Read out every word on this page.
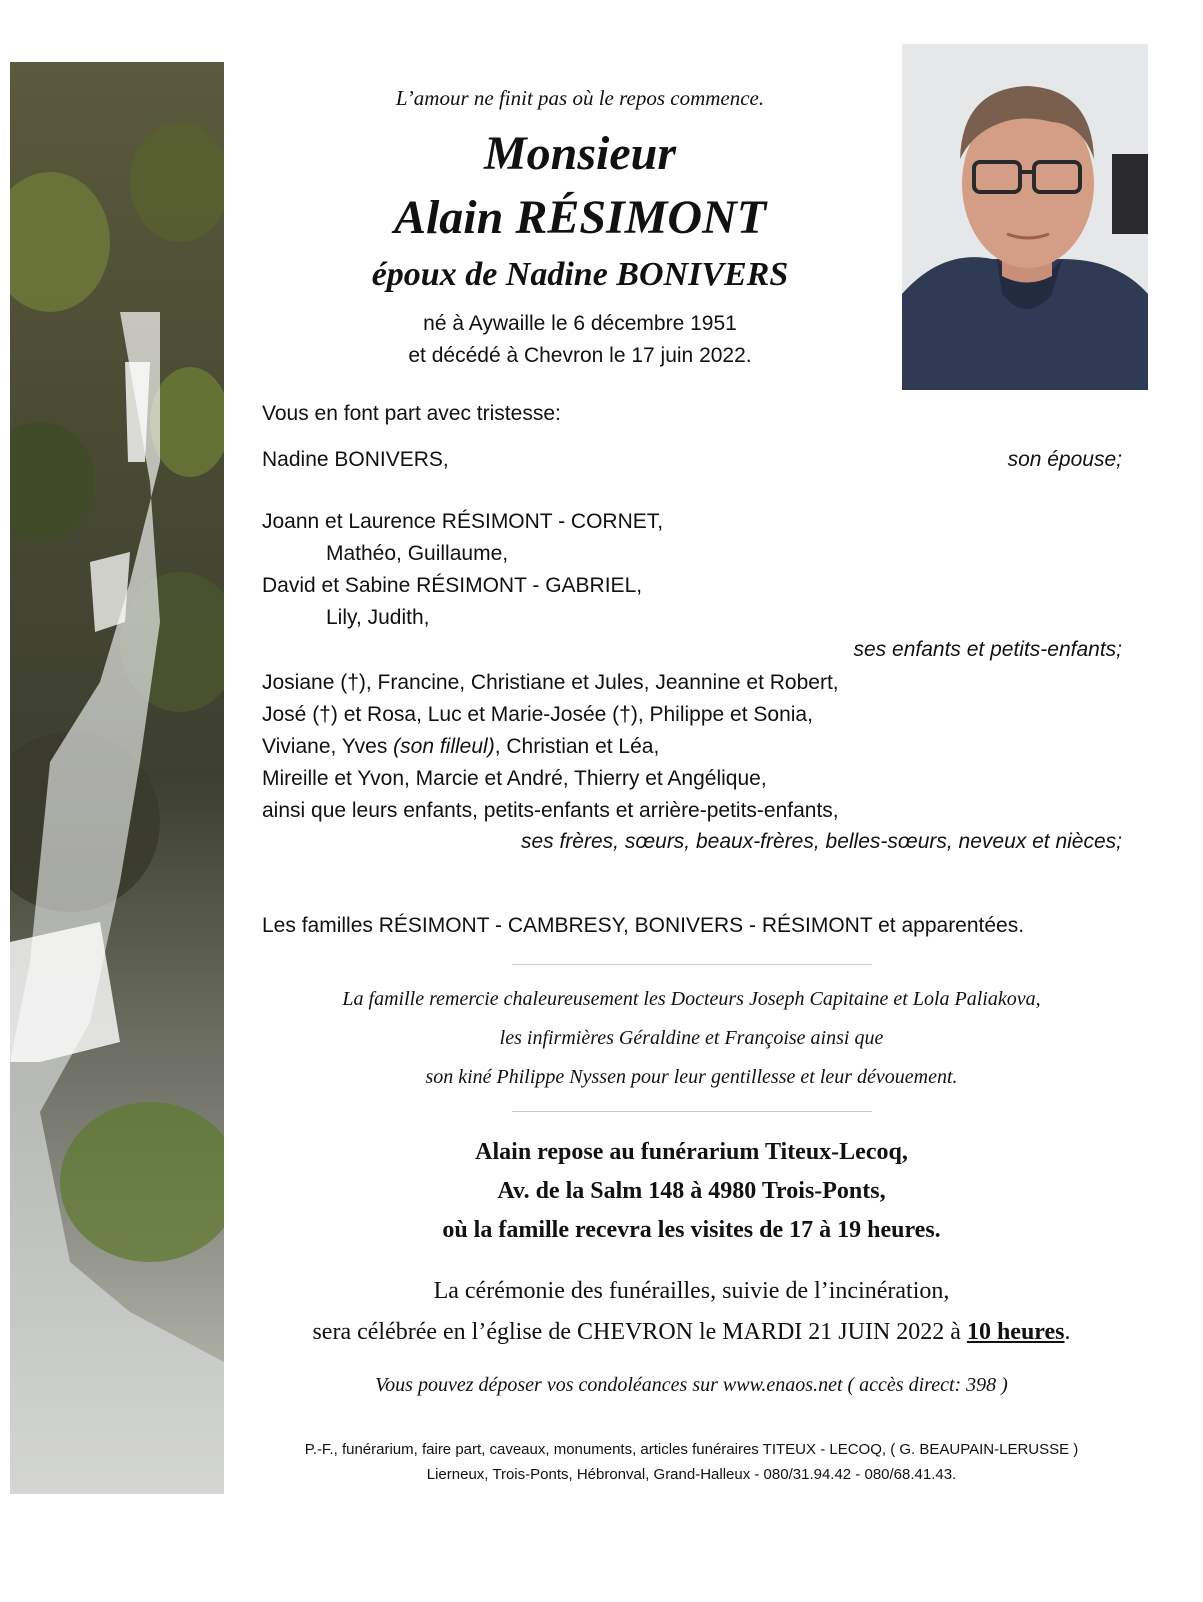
L’amour ne finit pas où le repos commence.
Monsieur
Alain RÉSIMONT
époux de Nadine BONIVERS
né à Aywaille le 6 décembre 1951
et décédé à Chevron le 17 juin 2022.
Vous en font part avec tristesse:
Nadine BONIVERS,	son épouse;
Joann et Laurence RÉSIMONT - CORNET,
Mathéo, Guillaume,
David et Sabine RÉSIMONT - GABRIEL,
Lily, Judith,
ses enfants et petits-enfants;
Josiane (†), Francine, Christiane et Jules, Jeannine et Robert,
José (†) et Rosa, Luc et Marie-Josée (†), Philippe et Sonia,
Viviane, Yves (son filleul), Christian et Léa,
Mireille et Yvon, Marcie et André, Thierry et Angélique,
ainsi que leurs enfants, petits-enfants et arrière-petits-enfants,
ses frères, sœurs, beaux-frères, belles-sœurs, neveux et nièces;
Les familles RÉSIMONT - CAMBRESY, BONIVERS - RÉSIMONT et apparentées.
La famille remercie chaleureusement les Docteurs Joseph Capitaine et Lola Paliakova,
les infirmières Géraldine et Françoise ainsi que
son kiné Philippe Nyssen pour leur gentillesse et leur dévouement.
Alain repose au funérarium Titeux-Lecoq,
Av. de la Salm 148 à 4980 Trois-Ponts,
où la famille recevra les visites de 17 à 19 heures.
La cérémonie des funérailles, suivie de l’incinération,
sera célébrée en l’église de CHEVRON le MARDI 21 JUIN 2022 à 10 heures.
Vous pouvez déposer vos condoléances sur www.enaos.net ( accès direct: 398 )
P.-F., funérarium, faire part, caveaux, monuments, articles funéraires TITEUX - LECOQ, ( G. BEAUPAIN-LERUSSE )
Lierneux, Trois-Ponts, Hébronval, Grand-Halleux - 080/31.94.42 - 080/68.41.43.
